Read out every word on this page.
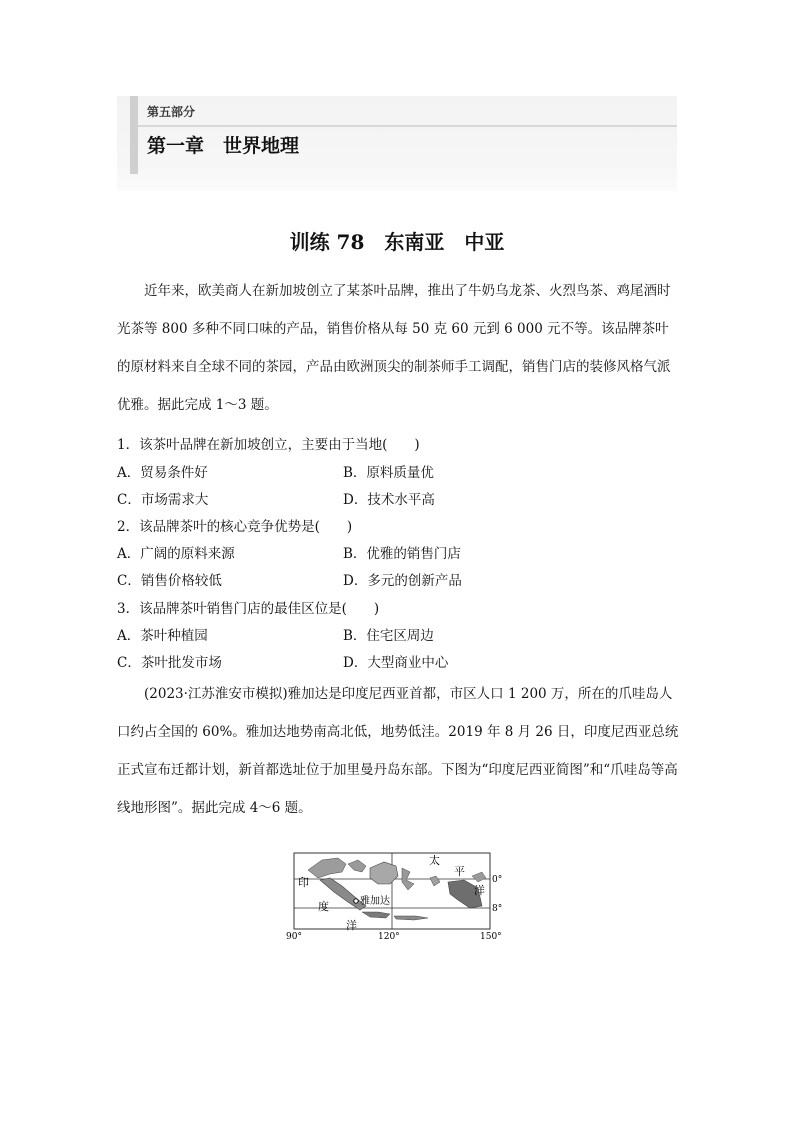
第五部分
第一章　世界地理
训练 78　东南亚　中亚
近年来，欧美商人在新加坡创立了某茶叶品牌，推出了牛奶乌龙茶、火烈鸟茶、鸡尾酒时光茶等 800 多种不同口味的产品，销售价格从每 50 克 60 元到 6 000 元不等。该品牌茶叶的原材料来自全球不同的茶园，产品由欧洲顶尖的制茶师手工调配，销售门店的装修风格气派优雅。据此完成 1～3 题。
1．该茶叶品牌在新加坡创立，主要由于当地(　　)
A．贸易条件好	B．原料质量优
C．市场需求大	D．技术水平高
2．该品牌茶叶的核心竞争优势是(　　)
A．广阔的原料来源	B．优雅的销售门店
C．销售价格较低	D．多元的创新产品
3．该品牌茶叶销售门店的最佳区位是(　　)
A．茶叶种植园	B．住宅区周边
C．茶叶批发市场	D．大型商业中心
(2023·江苏淮安市模拟)雅加达是印度尼西亚首都，市区人口 1 200 万，所在的爪哇岛人口约占全国的 60%。雅加达地势南高北低，地势低洼。2019 年 8 月 26 日，印度尼西亚总统正式宣布迁都计划，新首都选址位于加里曼丹岛东部。下图为“印度尼西亚简图”和“爪哇岛等高线地形图”。据此完成 4～6 题。
印
度
洋
太
平
洋
雅加达
90°	120°	150°
0°
8°
